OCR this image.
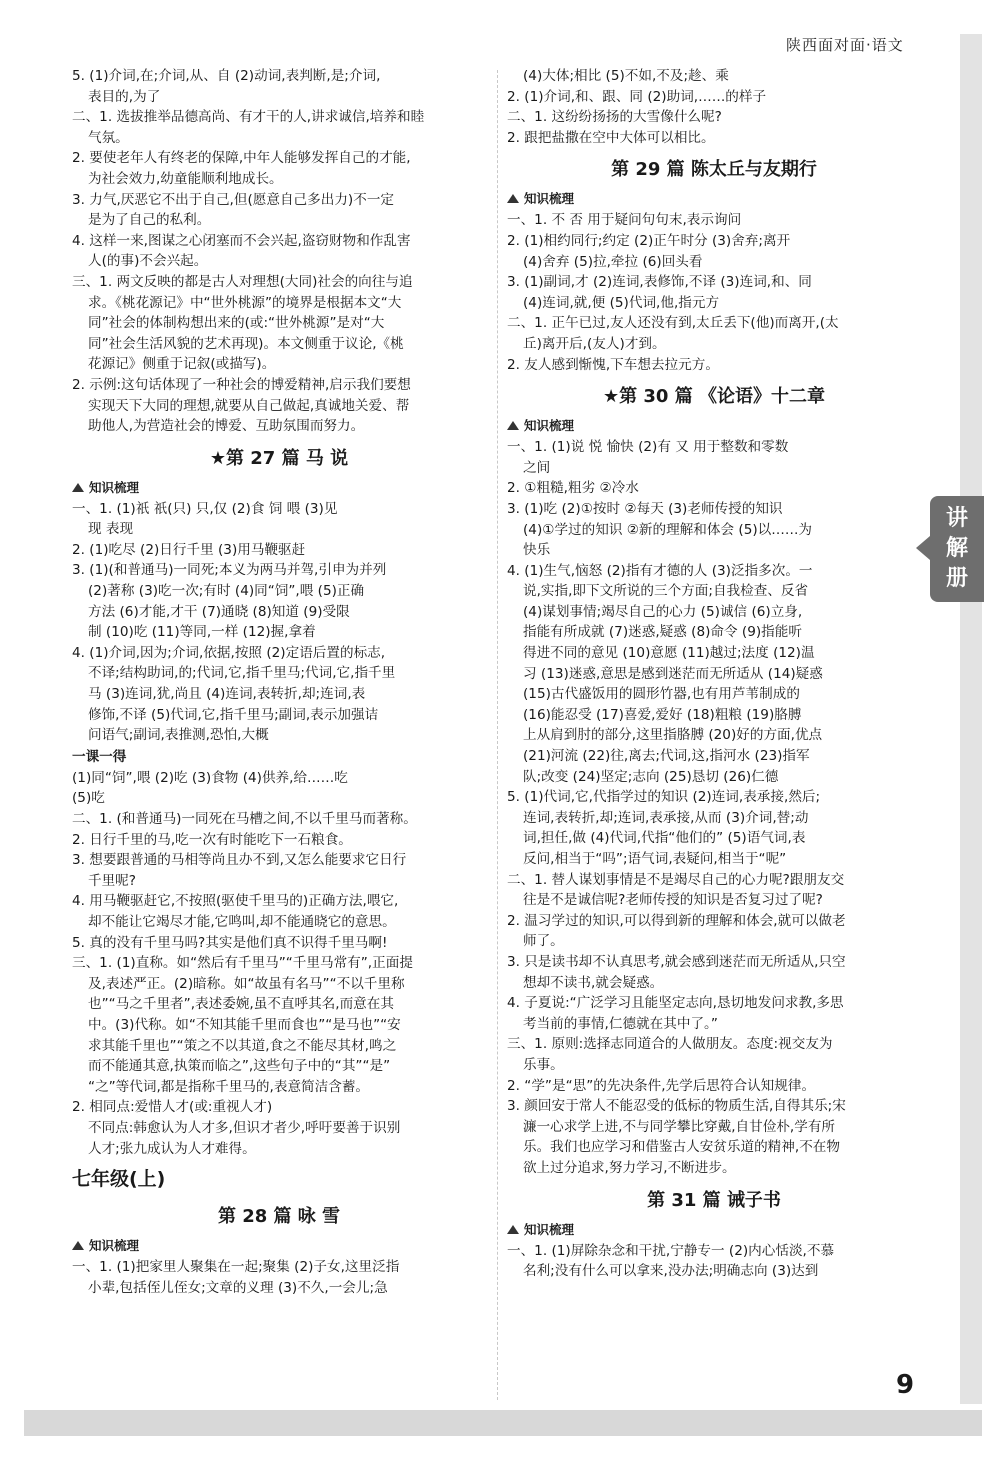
陕西面对面·语文
5. (1)介词,在;介词,从、自 (2)动词,表判断,是;介词,
表目的,为了
二、1. 选拔推举品德高尚、有才干的人,讲求诚信,培养和睦
气氛。
2. 要使老年人有终老的保障,中年人能够发挥自己的才能,
为社会效力,幼童能顺利地成长。
3. 力气,厌恶它不出于自己,但(愿意自己多出力)不一定
是为了自己的私利。
4. 这样一来,图谋之心闭塞而不会兴起,盗窃财物和作乱害
人(的事)不会兴起。
三、1. 两文反映的都是古人对理想(大同)社会的向往与追
求。《桃花源记》中“世外桃源”的境界是根据本文“大
同”社会的体制构想出来的(或:“世外桃源”是对“大
同”社会生活风貌的艺术再现)。本文侧重于议论,《桃
花源记》侧重于记叙(或描写)。
2. 示例:这句话体现了一种社会的博爱精神,启示我们要想
实现天下大同的理想,就要从自己做起,真诚地关爱、帮
助他人,为营造社会的博爱、互助氛围而努力。
★第 27 篇 马 说
知识梳理
一、1. (1)祇 祇(只) 只,仅 (2)食 饲 喂 (3)见
现 表现
2. (1)吃尽 (2)日行千里 (3)用马鞭驱赶
3. (1)(和普通马)一同死;本义为两马并驾,引申为并列
(2)著称 (3)吃一次;有时 (4)同“饲”,喂 (5)正确
方法 (6)才能,才干 (7)通晓 (8)知道 (9)受限
制 (10)吃 (11)等同,一样 (12)握,拿着
4. (1)介词,因为;介词,依据,按照 (2)定语后置的标志,
不译;结构助词,的;代词,它,指千里马;代词,它,指千里
马 (3)连词,犹,尚且 (4)连词,表转折,却;连词,表
修饰,不译 (5)代词,它,指千里马;副词,表示加强诘
问语气;副词,表推测,恐怕,大概
一课一得
(1)同“饲”,喂 (2)吃 (3)食物 (4)供养,给……吃
(5)吃
二、1. (和普通马)一同死在马槽之间,不以千里马而著称。
2. 日行千里的马,吃一次有时能吃下一石粮食。
3. 想要跟普通的马相等尚且办不到,又怎么能要求它日行
千里呢?
4. 用马鞭驱赶它,不按照(驱使千里马的)正确方法,喂它,
却不能让它竭尽才能,它鸣叫,却不能通晓它的意思。
5. 真的没有千里马吗?其实是他们真不识得千里马啊!
三、1. (1)直称。如“然后有千里马”“千里马常有”,正面提
及,表述严正。(2)暗称。如“故虽有名马”“不以千里称
也”“马之千里者”,表述委婉,虽不直呼其名,而意在其
中。(3)代称。如“不知其能千里而食也”“是马也”“安
求其能千里也”“策之不以其道,食之不能尽其材,鸣之
而不能通其意,执策而临之”,这些句子中的“其”“是”
“之”等代词,都是指称千里马的,表意简洁含蓄。
2. 相同点:爱惜人才(或:重视人才)
不同点:韩愈认为人才多,但识才者少,呼吁要善于识别
人才;张九成认为人才难得。
七年级(上)
第 28 篇 咏 雪
知识梳理
一、1. (1)把家里人聚集在一起;聚集 (2)子女,这里泛指
小辈,包括侄儿侄女;文章的义理 (3)不久,一会儿;急
(4)大体;相比 (5)不如,不及;趁、乘
2. (1)介词,和、跟、同 (2)助词,……的样子
二、1. 这纷纷扬扬的大雪像什么呢?
2. 跟把盐撒在空中大体可以相比。
第 29 篇 陈太丘与友期行
知识梳理
一、1. 不 否 用于疑问句句末,表示询问
2. (1)相约同行;约定 (2)正午时分 (3)舍弃;离开
(4)舍弃 (5)拉,牵拉 (6)回头看
3. (1)副词,才 (2)连词,表修饰,不译 (3)连词,和、同
(4)连词,就,便 (5)代词,他,指元方
二、1. 正午已过,友人还没有到,太丘丢下(他)而离开,(太
丘)离开后,(友人)才到。
2. 友人感到惭愧,下车想去拉元方。
★第 30 篇 《论语》十二章
知识梳理
一、1. (1)说 悦 愉快 (2)有 又 用于整数和零数
之间
2. ①粗糙,粗劣 ②冷水
3. (1)吃 (2)①按时 ②每天 (3)老师传授的知识
(4)①学过的知识 ②新的理解和体会 (5)以……为
快乐
4. (1)生气,恼怒 (2)指有才德的人 (3)泛指多次。一
说,实指,即下文所说的三个方面;自我检查、反省
(4)谋划事情;竭尽自己的心力 (5)诚信 (6)立身,
指能有所成就 (7)迷惑,疑惑 (8)命令 (9)指能听
得进不同的意见 (10)意愿 (11)越过;法度 (12)温
习 (13)迷惑,意思是感到迷茫而无所适从 (14)疑惑
(15)古代盛饭用的圆形竹器,也有用芦苇制成的
(16)能忍受 (17)喜爱,爱好 (18)粗粮 (19)胳膊
上从肩到肘的部分,这里指胳膊 (20)好的方面,优点
(21)河流 (22)往,离去;代词,这,指河水 (23)指军
队;改变 (24)坚定;志向 (25)恳切 (26)仁德
5. (1)代词,它,代指学过的知识 (2)连词,表承接,然后;
连词,表转折,却;连词,表承接,从而 (3)介词,替;动
词,担任,做 (4)代词,代指“他们的” (5)语气词,表
反问,相当于“吗”;语气词,表疑问,相当于“呢”
二、1. 替人谋划事情是不是竭尽自己的心力呢?跟朋友交
往是不是诚信呢?老师传授的知识是否复习过了呢?
2. 温习学过的知识,可以得到新的理解和体会,就可以做老
师了。
3. 只是读书却不认真思考,就会感到迷茫而无所适从,只空
想却不读书,就会疑惑。
4. 子夏说:“广泛学习且能坚定志向,恳切地发问求教,多思
考当前的事情,仁德就在其中了。”
三、1. 原则:选择志同道合的人做朋友。态度:视交友为
乐事。
2. “学”是“思”的先决条件,先学后思符合认知规律。
3. 颜回安于常人不能忍受的低标的物质生活,自得其乐;宋
濂一心求学上进,不与同学攀比穿戴,自甘俭朴,学有所
乐。我们也应学习和借鉴古人安贫乐道的精神,不在物
欲上过分追求,努力学习,不断进步。
第 31 篇 诫子书
知识梳理
一、1. (1)屏除杂念和干扰,宁静专一 (2)内心恬淡,不慕
名利;没有什么可以拿来,没办法;明确志向 (3)达到
讲
解
册
9
